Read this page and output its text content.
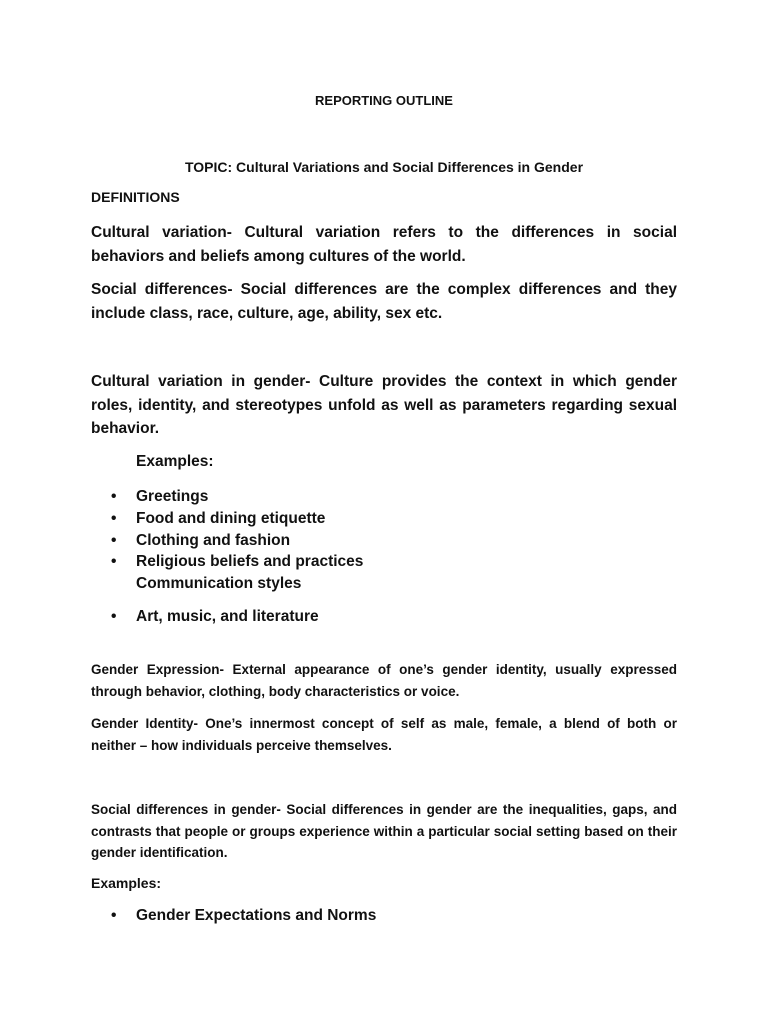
REPORTING OUTLINE
TOPIC: Cultural Variations and Social Differences in Gender
DEFINITIONS

Cultural variation- Cultural variation refers to the differences in social behaviors and beliefs among cultures of the world.

Social differences- Social differences are the complex differences and they include class, race, culture, age, ability, sex etc.

Cultural variation in gender- Culture provides the context in which gender roles, identity, and stereotypes unfold as well as parameters regarding sexual behavior.

Examples:
• Greetings
• Food and dining etiquette
• Clothing and fashion
• Religious beliefs and practices
Communication styles
• Art, music, and literature

Gender Expression- External appearance of one’s gender identity, usually expressed through behavior, clothing, body characteristics or voice.

Gender Identity- One’s innermost concept of self as male, female, a blend of both or neither – how individuals perceive themselves.

Social differences in gender- Social differences in gender are the inequalities, gaps, and contrasts that people or groups experience within a particular social setting based on their gender identification.

Examples:
• Gender Expectations and Norms
